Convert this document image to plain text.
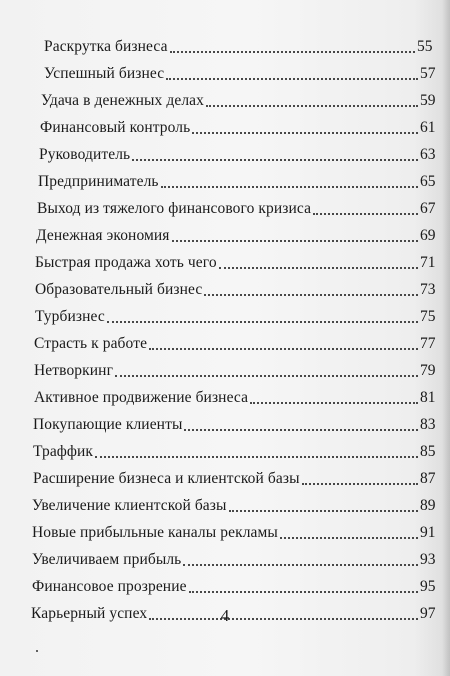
Раскрутка бизнеса	55
Успешный бизнес	57
Удача в денежных делах	59
Финансовый контроль	61
Руководитель	63
Предприниматель	65
Выход из тяжелого финансового кризиса	67
Денежная экономия	69
Быстрая продажа хоть чего	71
Образовательный бизнес	73
Турбизнес	75
Страсть к работе	77
Нетворкинг	79
Активное продвижение бизнеса	81
Покупающие клиенты	83
Траффик	85
Расширение бизнеса и клиентской базы	87
Увеличение клиентской базы	89
Новые прибыльные каналы рекламы	91
Увеличиваем прибыль	93
Финансовое прозрение	95
Карьерный успех	97
4
